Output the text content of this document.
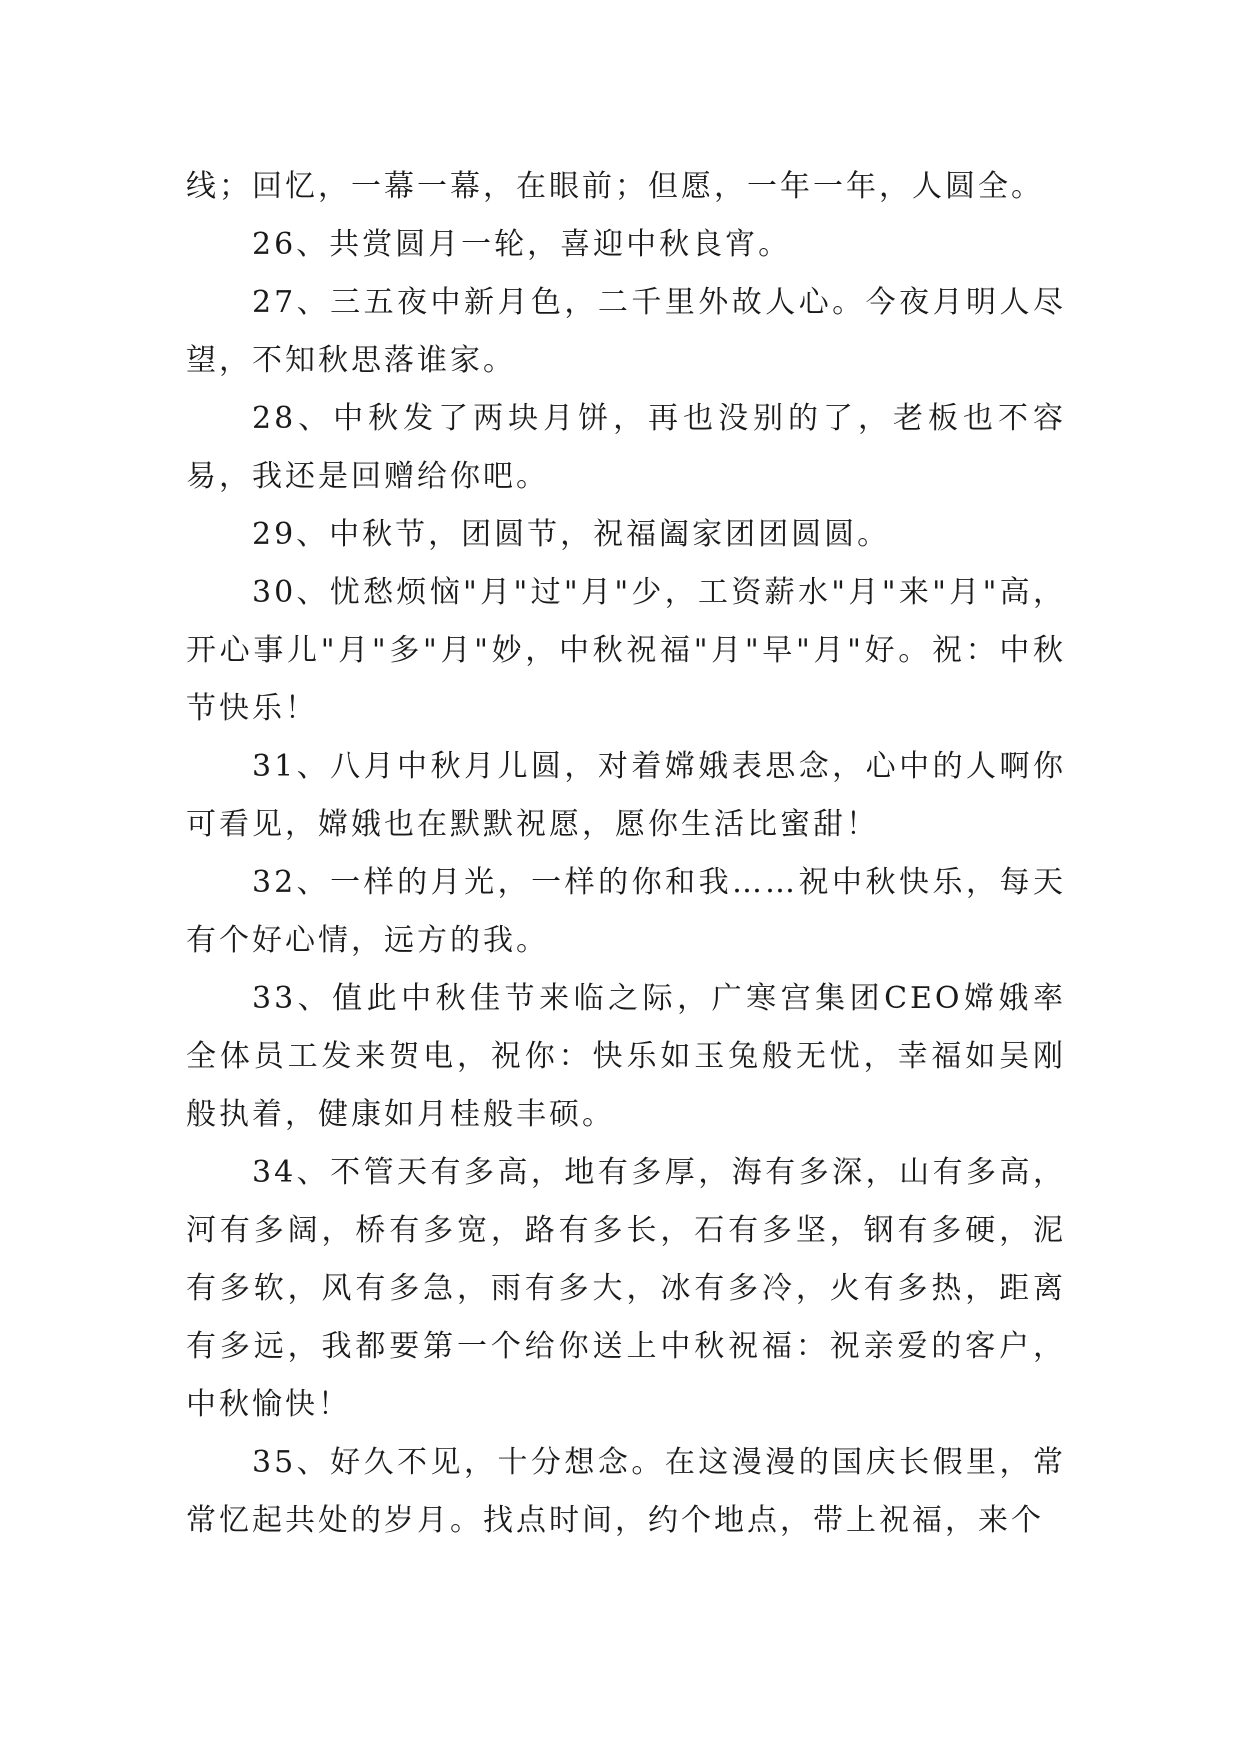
线；回忆，一幕一幕，在眼前；但愿，一年一年，人圆全。

26、共赏圆月一轮，喜迎中秋良宵。

27、三五夜中新月色，二千里外故人心。今夜月明人尽望，不知秋思落谁家。

28、中秋发了两块月饼，再也没别的了，老板也不容易，我还是回赠给你吧。

29、中秋节，团圆节，祝福阖家团团圆圆。

30、忧愁烦恼"月"过"月"少，工资薪水"月"来"月"高，开心事儿"月"多"月"妙，中秋祝福"月"早"月"好。祝：中秋节快乐！

31、八月中秋月儿圆，对着嫦娥表思念，心中的人啊你可看见，嫦娥也在默默祝愿，愿你生活比蜜甜！

32、一样的月光，一样的你和我……祝中秋快乐，每天有个好心情，远方的我。

33、值此中秋佳节来临之际，广寒宫集团CEO嫦娥率全体员工发来贺电，祝你：快乐如玉兔般无忧，幸福如吴刚般执着，健康如月桂般丰硕。

34、不管天有多高，地有多厚，海有多深，山有多高，河有多阔，桥有多宽，路有多长，石有多坚，钢有多硬，泥有多软，风有多急，雨有多大，冰有多冷，火有多热，距离有多远，我都要第一个给你送上中秋祝福：祝亲爱的客户，中秋愉快！

35、好久不见，十分想念。在这漫漫的国庆长假里，常常忆起共处的岁月。找点时间，约个地点，带上祝福，来个
